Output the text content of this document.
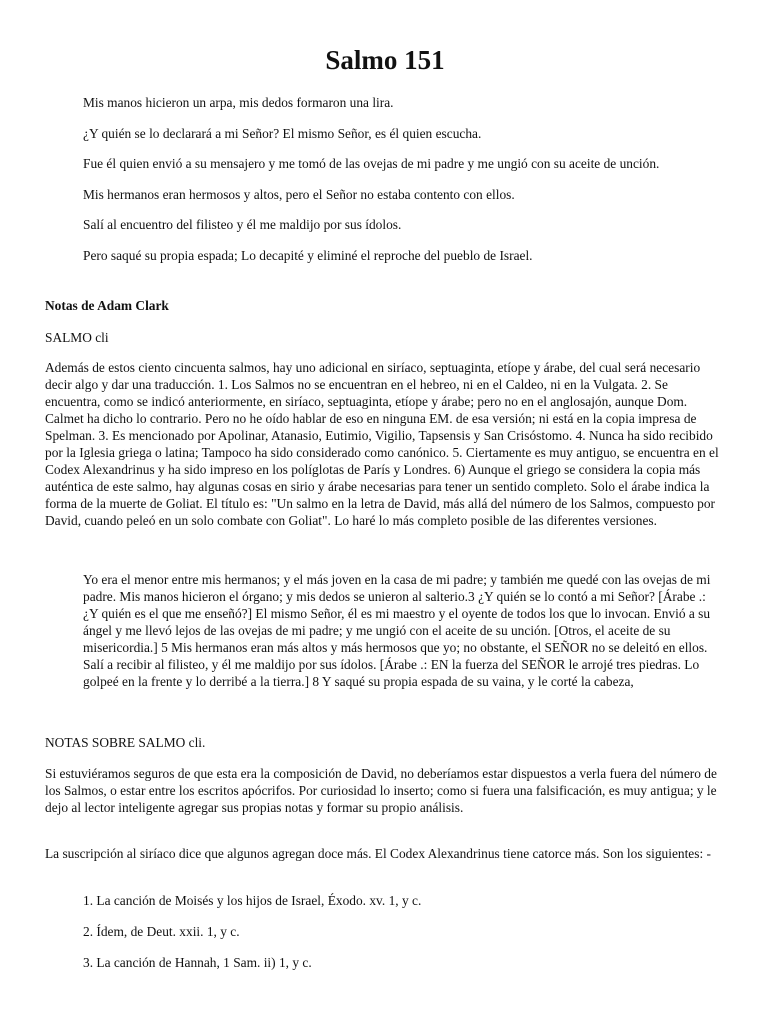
Salmo 151

Mis manos hicieron un arpa, mis dedos formaron una lira.

¿Y quién se lo declarará a mi Señor? El mismo Señor, es él quien escucha.

Fue él quien envió a su mensajero y me tomó de las ovejas de mi padre y me ungió con su aceite de unción.

Mis hermanos eran hermosos y altos, pero el Señor no estaba contento con ellos.

Salí al encuentro del filisteo y él me maldijo por sus ídolos.

Pero saqué su propia espada; Lo decapité y eliminé el reproche del pueblo de Israel.

Notas de Adam Clark

SALMO cli

Además de estos ciento cincuenta salmos, hay uno adicional en siríaco, septuaginta, etíope y árabe, del cual será necesario decir algo y dar una traducción. 1. Los Salmos no se encuentran en el hebreo, ni en el Caldeo, ni en la Vulgata. 2. Se encuentra, como se indicó anteriormente, en siríaco, septuaginta, etíope y árabe; pero no en el anglosajón, aunque Dom. Calmet ha dicho lo contrario. Pero no he oído hablar de eso en ninguna EM. de esa versión; ni está en la copia impresa de Spelman. 3. Es mencionado por Apolinar, Atanasio, Eutimio, Vigilio, Tapsensis y San Crisóstomo. 4. Nunca ha sido recibido por la Iglesia griega o latina; Tampoco ha sido considerado como canónico. 5. Ciertamente es muy antiguo, se encuentra en el Codex Alexandrinus y ha sido impreso en los políglotas de París y Londres. 6) Aunque el griego se considera la copia más auténtica de este salmo, hay algunas cosas en sirio y árabe necesarias para tener un sentido completo. Solo el árabe indica la forma de la muerte de Goliat. El título es: "Un salmo en la letra de David, más allá del número de los Salmos, compuesto por David, cuando peleó en un solo combate con Goliat". Lo haré lo más completo posible de las diferentes versiones.

Yo era el menor entre mis hermanos; y el más joven en la casa de mi padre; y también me quedé con las ovejas de mi padre. Mis manos hicieron el órgano; y mis dedos se unieron al salterio.3 ¿Y quién se lo contó a mi Señor? [Árabe .: ¿Y quién es el que me enseñó?] El mismo Señor, él es mi maestro y el oyente de todos los que lo invocan. Envió a su ángel y me llevó lejos de las ovejas de mi padre; y me ungió con el aceite de su unción. [Otros, el aceite de su misericordia.] 5 Mis hermanos eran más altos y más hermosos que yo; no obstante, el SEÑOR no se deleitó en ellos. Salí a recibir al filisteo, y él me maldijo por sus ídolos. [Árabe .: EN la fuerza del SEÑOR le arrojé tres piedras. Lo golpeé en la frente y lo derribé a la tierra.] 8 Y saqué su propia espada de su vaina, y le corté la cabeza,

NOTAS SOBRE SALMO cli.

Si estuviéramos seguros de que esta era la composición de David, no deberíamos estar dispuestos a verla fuera del número de los Salmos, o estar entre los escritos apócrifos. Por curiosidad lo inserto; como si fuera una falsificación, es muy antigua; y le dejo al lector inteligente agregar sus propias notas y formar su propio análisis.

La suscripción al siríaco dice que algunos agregan doce más. El Codex Alexandrinus tiene catorce más. Son los siguientes: -

1. La canción de Moisés y los hijos de Israel, Éxodo. xv. 1, y c.

2. Ídem, de Deut. xxii. 1, y c.

3. La canción de Hannah, 1 Sam. ii) 1, y c.
